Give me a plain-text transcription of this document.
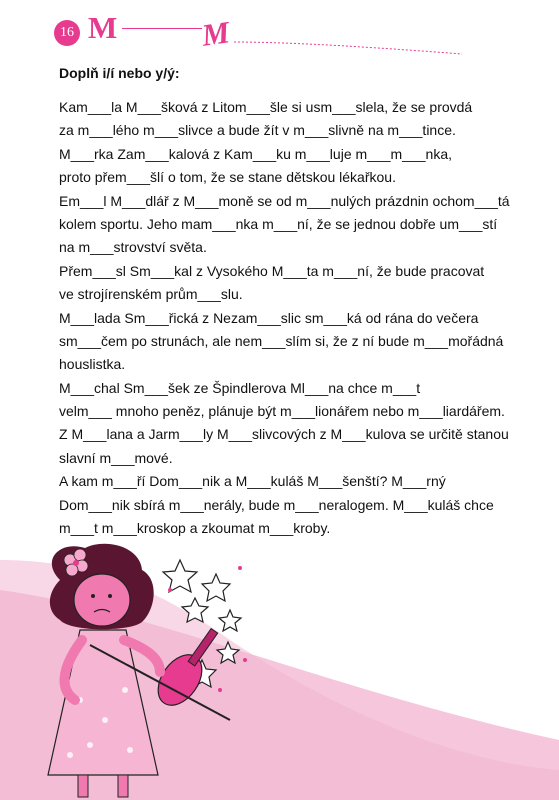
16 M	M
Doplň i/í nebo y/ý:

Kam___la M___šková z Litom___šle si usm___slela, že se provdá

za m___lého m___slivce a bude žít v m___slivně na m___tince.

M___rka Zam___kalová z Kam___ku m___luje m___m___nka,

proto přem___šlí o tom, že se stane dětskou lékařkou.

Em___l M___dlář z M___moně se od m___nulých prázdnin ochom___tá

kolem sportu. Jeho mam___nka m___ní, že se jednou dobře um___stí

na m___strovství světa.

Přem___sl Sm___kal z Vysokého M___ta m___ní, že bude pracovat

ve strojírenském prům___slu.

M___lada Sm___řická z Nezam___slic sm___ká od rána do večera

sm___čem po strunách, ale nem___slím si, že z ní bude m___mořádná

houslistka.

M___chal Sm___šek ze Špindlerova Ml___na chce m___t

velm___ mnoho peněz, plánuje být m___lionářem nebo m___liardářem.

Z M___lana a Jarm___ly M___slivcových z M___kulova se určitě stanou

slavní m___mové.

A kam m___ří Dom___nik a M___kuláš M___šenští? M___rný

Dom___nik sbírá m___nerály, bude m___neralogem. M___kuláš chce

m___t m___kroskop a zkoumat m___kroby.
